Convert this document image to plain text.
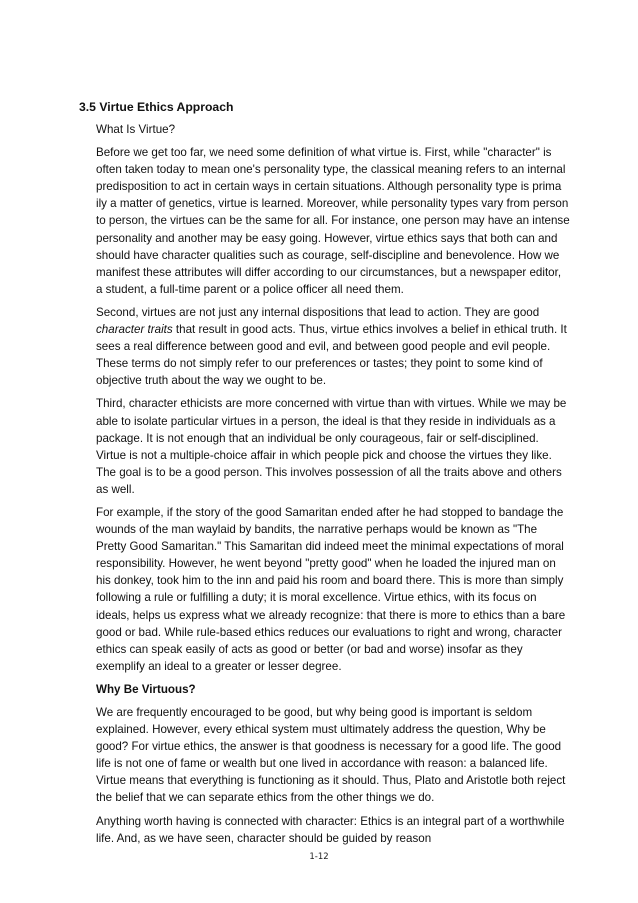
3.5 Virtue Ethics Approach

What Is Virtue?

Before we get too far, we need some definition of what virtue is. First, while "character" is often taken today to mean one's personality type, the classical meaning refers to an internal predisposition to act in certain ways in certain situations. Although personality type is prima ily a matter of genetics, virtue is learned. Moreover, while personality types vary from person to person, the virtues can be the same for all. For instance, one person may have an intense personality and another may be easy going. However, virtue ethics says that both can and should have character qualities such as courage, self-discipline and benevolence. How we manifest these attributes will differ according to our circumstances, but a newspaper editor, a student, a full-time parent or a police officer all need them.

Second, virtues are not just any internal dispositions that lead to action. They are good character traits that result in good acts. Thus, virtue ethics involves a belief in ethical truth. It sees a real difference between good and evil, and between good people and evil people. These terms do not simply refer to our preferences or tastes; they point to some kind of objective truth about the way we ought to be.

Third, character ethicists are more concerned with virtue than with virtues. While we may be able to isolate particular virtues in a person, the ideal is that they reside in individuals as a package. It is not enough that an individual be only courageous, fair or self-disciplined. Virtue is not a multiple-choice affair in which people pick and choose the virtues they like. The goal is to be a good person. This involves possession of all the traits above and others as well.

For example, if the story of the good Samaritan ended after he had stopped to bandage the wounds of the man waylaid by bandits, the narrative perhaps would be known as "The Pretty Good Samaritan." This Samaritan did indeed meet the minimal expectations of moral responsibility. However, he went beyond "pretty good" when he loaded the injured man on his donkey, took him to the inn and paid his room and board there. This is more than simply following a rule or fulfilling a duty; it is moral excellence. Virtue ethics, with its focus on ideals, helps us express what we already recognize: that there is more to ethics than a bare good or bad. While rule-based ethics reduces our evaluations to right and wrong, character ethics can speak easily of acts as good or better (or bad and worse) insofar as they exemplify an ideal to a greater or lesser degree.

Why Be Virtuous?

We are frequently encouraged to be good, but why being good is important is seldom explained. However, every ethical system must ultimately address the question, Why be good? For virtue ethics, the answer is that goodness is necessary for a good life. The good life is not one of fame or wealth but one lived in accordance with reason: a balanced life. Virtue means that everything is functioning as it should. Thus, Plato and Aristotle both reject the belief that we can separate ethics from the other things we do.

Anything worth having is connected with character: Ethics is an integral part of a worthwhile life. And, as we have seen, character should be guided by reason

1-12
